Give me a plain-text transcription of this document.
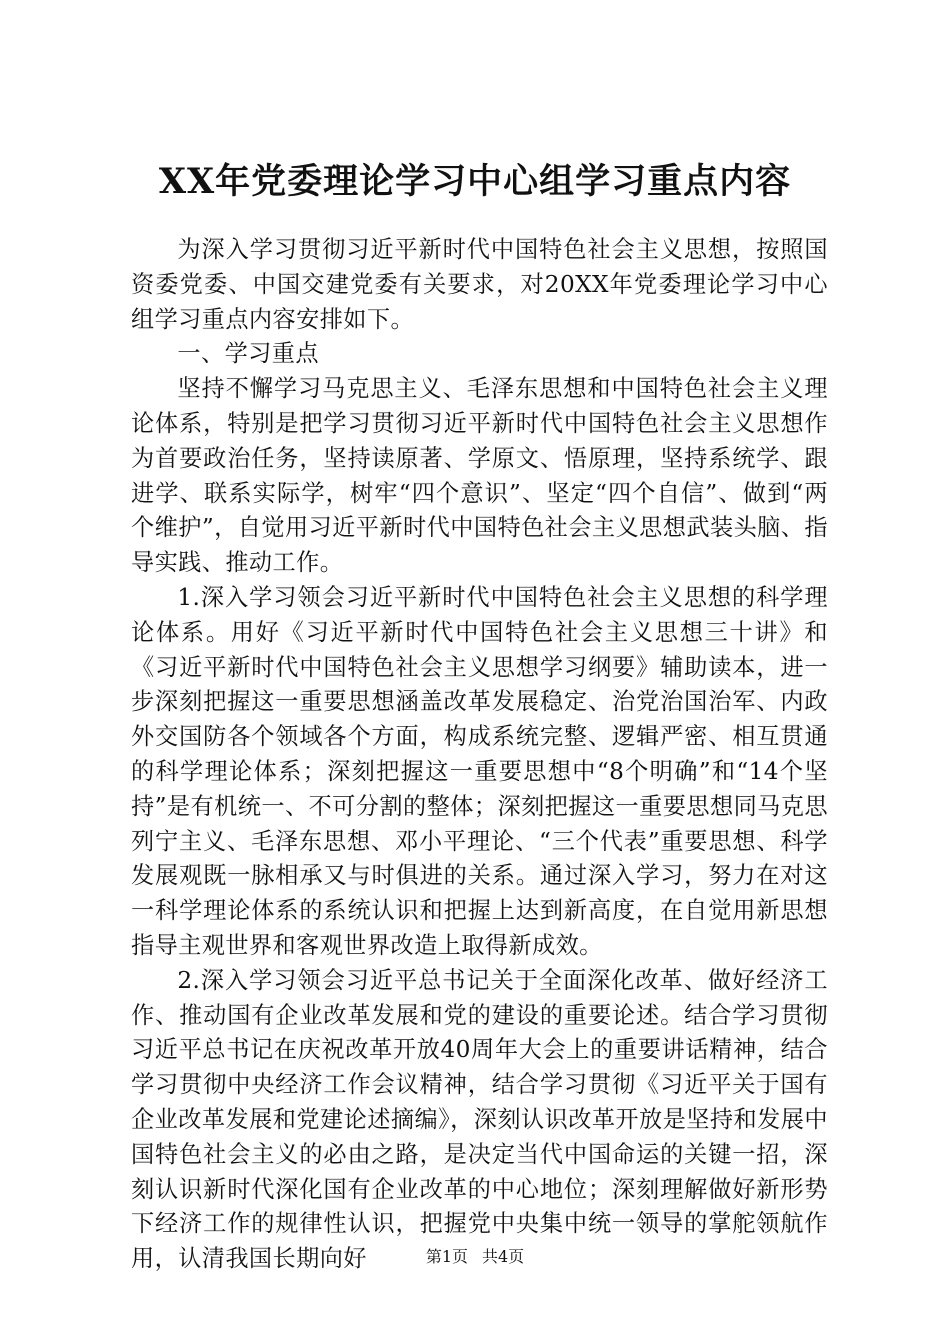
XX年党委理论学习中心组学习重点内容

为深入学习贯彻习近平新时代中国特色社会主义思想，按照国资委党委、中国交建党委有关要求，对20XX年党委理论学习中心组学习重点内容安排如下。

一、学习重点

坚持不懈学习马克思主义、毛泽东思想和中国特色社会主义理论体系，特别是把学习贯彻习近平新时代中国特色社会主义思想作为首要政治任务，坚持读原著、学原文、悟原理，坚持系统学、跟进学、联系实际学，树牢“四个意识”、坚定“四个自信”、做到“两个维护”，自觉用习近平新时代中国特色社会主义思想武装头脑、指导实践、推动工作。

1.深入学习领会习近平新时代中国特色社会主义思想的科学理论体系。用好《习近平新时代中国特色社会主义思想三十讲》和《习近平新时代中国特色社会主义思想学习纲要》辅助读本，进一步深刻把握这一重要思想涵盖改革发展稳定、治党治国治军、内政外交国防各个领域各个方面，构成系统完整、逻辑严密、相互贯通的科学理论体系；深刻把握这一重要思想中“8个明确”和“14个坚持”是有机统一、不可分割的整体；深刻把握这一重要思想同马克思列宁主义、毛泽东思想、邓小平理论、“三个代表”重要思想、科学发展观既一脉相承又与时俱进的关系。通过深入学习，努力在对这一科学理论体系的系统认识和把握上达到新高度，在自觉用新思想指导主观世界和客观世界改造上取得新成效。

2.深入学习领会习近平总书记关于全面深化改革、做好经济工作、推动国有企业改革发展和党的建设的重要论述。结合学习贯彻习近平总书记在庆祝改革开放40周年大会上的重要讲话精神，结合学习贯彻中央经济工作会议精神，结合学习贯彻《习近平关于国有企业改革发展和党建论述摘编》，深刻认识改革开放是坚持和发展中国特色社会主义的必由之路，是决定当代中国命运的关键一招，深刻认识新时代深化国有企业改革的中心地位；深刻理解做好新形势下经济工作的规律性认识，把握党中央集中统一领导的掌舵领航作用，认清我国长期向好	第1页 共4页
